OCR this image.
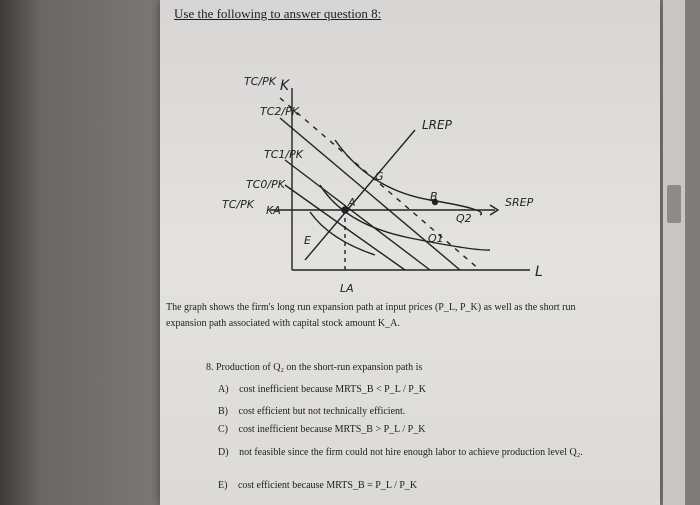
Use the following to answer question 8:
TC/PK
TC2/PK
TC1/PK
TC0/PK
TC/PK
K
KA
LREP
SREP
B
Q2
Q1
E
LA
G
A
L
The graph shows the firm's long run expansion path at input prices (P_L, P_K) as well as the short run expansion path associated with capital stock amount K_A.
8. Production of Q₂ on the short-run expansion path is
A) cost inefficient because MRTS_B < P_L / P_K
B) cost efficient but not technically efficient.
C) cost inefficient because MRTS_B > P_L / P_K
D) not feasible since the firm could not hire enough labor to achieve production level Q₂.
E) cost efficient because MRTS_B = P_L / P_K
